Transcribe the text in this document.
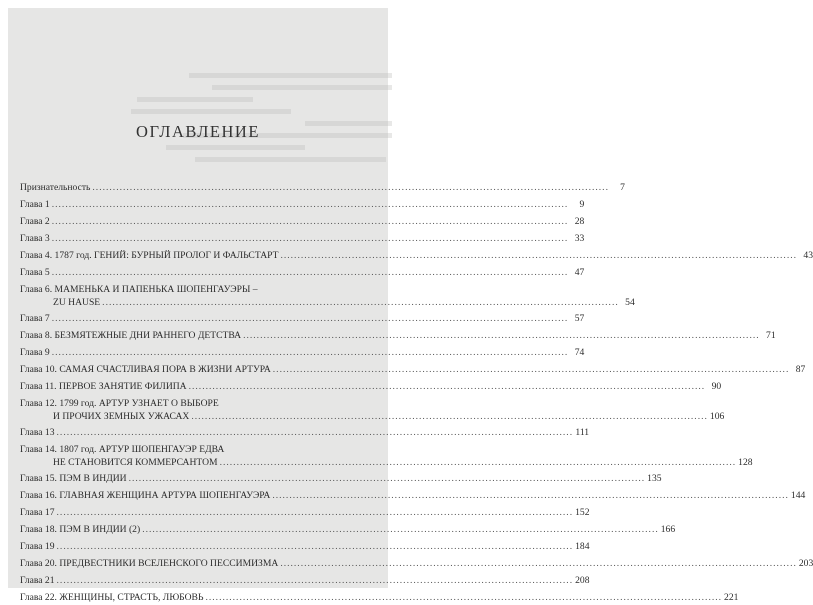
ОГЛАВЛЕНИЕ
Признательность .....	7
Глава 1 .....	9
Глава 2 .....	28
Глава 3 .....	33
Глава 4. 1787 год. ГЕНИЙ: БУРНЫЙ ПРОЛОГ И ФАЛЬСТАРТ .....	43
Глава 5 .....	47
Глава 6. МАМЕНЬКА И ПАПЕНЬКА ШОПЕНГАУЭРЫ –
ZU HAUSE .....	54
Глава 7 .....	57
Глава 8. БЕЗМЯТЕЖНЫЕ ДНИ РАННЕГО ДЕТСТВА .....	71
Глава 9 .....	74
Глава 10. САМАЯ СЧАСТЛИВАЯ ПОРА В ЖИЗНИ АРТУРА .....	87
Глава 11. ПЕРВОЕ ЗАНЯТИЕ ФИЛИПА .....	90
Глава 12. 1799 год. АРТУР УЗНАЕТ О ВЫБОРЕ
И ПРОЧИХ ЗЕМНЫХ УЖАСАХ .....	106
Глава 13 .....	111
Глава 14. 1807 год. АРТУР ШОПЕНГАУЭР ЕДВА
НЕ СТАНОВИТСЯ КОММЕРСАНТОМ .....	128
Глава 15. ПЭМ В ИНДИИ .....	135
Глава 16. ГЛАВНАЯ ЖЕНЩИНА АРТУРА ШОПЕНГАУЭРА .....	144
Глава 17 .....	152
Глава 18. ПЭМ В ИНДИИ (2) .....	166
Глава 19 .....	184
Глава 20. ПРЕДВЕСТНИКИ ВСЕЛЕНСКОГО ПЕССИМИЗМА .....	203
Глава 21 .....	208
Глава 22. ЖЕНЩИНЫ, СТРАСТЬ, ЛЮБОВЬ .....	221
